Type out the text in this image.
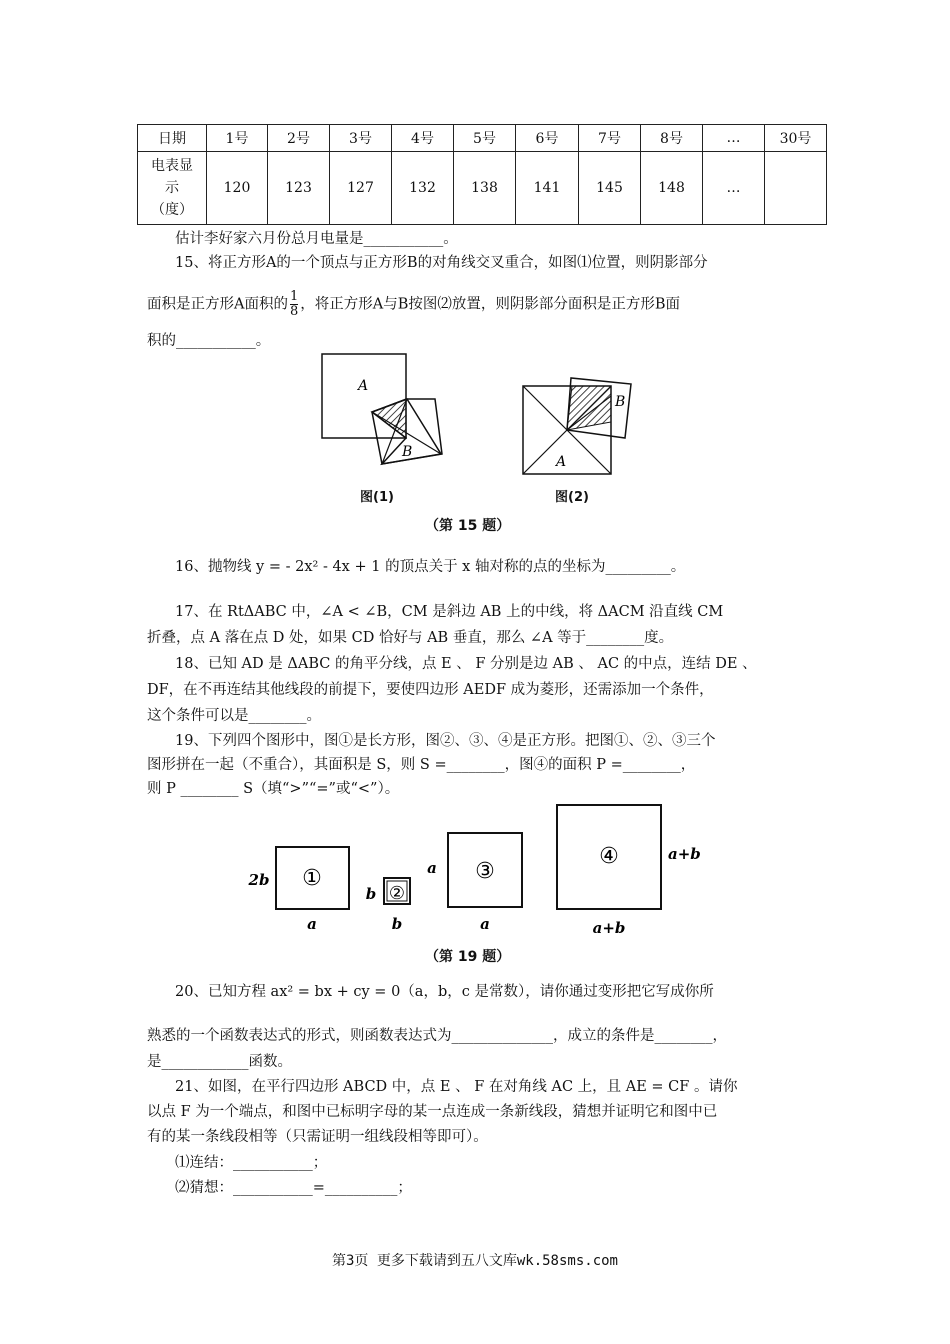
日期	1号	2号	3号	4号	5号	6号	7号	8号	…	30号

电表显
示
（度）	120	123	127	132	138	141	145	148	…	
估计李好家六月份总月电量是___________。
15、将正方形A的一个顶点与正方形B的对角线交叉重合，如图⑴位置，则阴影部分
面积是正方形A面积的 $\frac{1}{8}$ ，将正方形A与B按图⑵放置，则阴影部分面积是正方形B面
积的___________。
A
B
图(1)
B
A
图(2)
（第 15 题）
16、抛物线 y = - 2x² - 4x + 1 的顶点关于 x 轴对称的点的坐标为_________。
17、在 RtΔABC 中，∠A < ∠B，CM 是斜边 AB 上的中线，将 ΔACM 沿直线 CM
折叠，点 A 落在点 D 处，如果 CD 恰好与 AB 垂直，那么 ∠A 等于________度。
18、已知 AD 是 ΔABC 的角平分线，点 E 、 F 分别是边 AB 、 AC 的中点，连结 DE 、
DF，在不再连结其他线段的前提下，要使四边形 AEDF 成为菱形，还需添加一个条件，
这个条件可以是________。
19、下列四个图形中，图①是长方形，图②、③、④是正方形。把图①、②、③三个
图形拼在一起（不重合），其面积是 S，则 S =________，图④的面积 P =________，
则 P ________ S（填“>”“=”或“<”）。
①
2b
a
②
b
b
③
a
a
④	a+b
a+b
（第 19 题）
20、已知方程 ax² = bx + cy = 0（a，b，c 是常数），请你通过变形把它写成你所
熟悉的一个函数表达式的形式，则函数表达式为______________，成立的条件是________，
是____________函数。
21、如图，在平行四边形 ABCD 中，点 E 、 F 在对角线 AC 上，且 AE = CF 。请你
以点 F 为一个端点，和图中已标明字母的某一点连成一条新线段，猜想并证明它和图中已
有的某一条线段相等（只需证明一组线段相等即可）。
⑴连结：___________；
⑵猜想：___________=__________；
第3页 更多下载请到五八文库wk.58sms.com
